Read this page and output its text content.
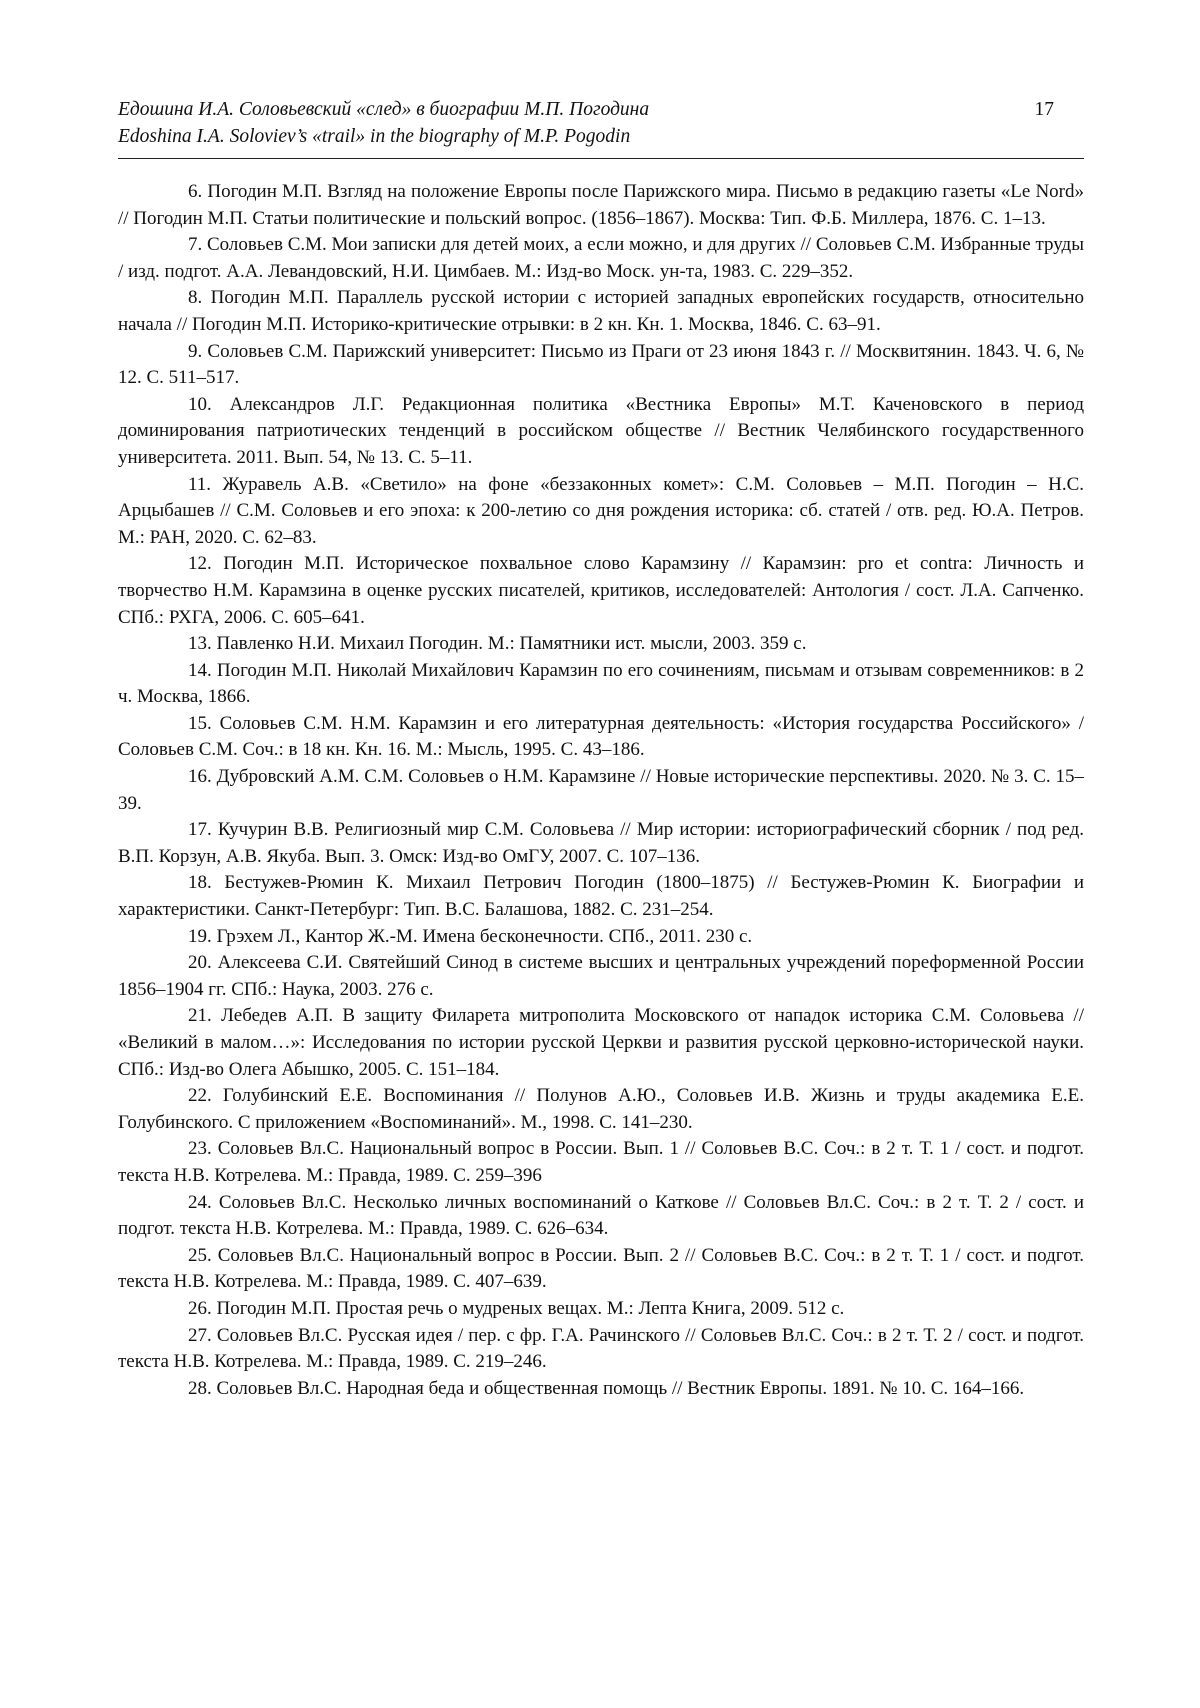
Едошина И.А. Соловьевский «след» в биографии М.П. Погодина
Edoshina I.A. Soloviev’s «trail» in the biography of M.P. Pogodin
17

6. Погодин М.П. Взгляд на положение Европы после Парижского мира. Письмо в редакцию газеты «Le Nord» // Погодин М.П. Статьи политические и польский вопрос. (1856–1867). Москва: Тип. Ф.Б. Миллера, 1876. С. 1–13.

7. Соловьев С.М. Мои записки для детей моих, а если можно, и для других // Соловьев С.М. Избранные труды / изд. подгот. А.А. Левандовский, Н.И. Цимбаев. М.: Изд-во Моск. ун-та, 1983. С. 229–352.

8. Погодин М.П. Параллель русской истории с историей западных европейских государств, относительно начала // Погодин М.П. Историко-критические отрывки: в 2 кн. Кн. 1. Москва, 1846. С. 63–91.

9. Соловьев С.М. Парижский университет: Письмо из Праги от 23 июня 1843 г. // Москвитянин. 1843. Ч. 6, № 12. С. 511–517.

10. Александров Л.Г. Редакционная политика «Вестника Европы» М.Т. Каченовского в период доминирования патриотических тенденций в российском обществе // Вестник Челябинского государственного университета. 2011. Вып. 54, № 13. С. 5–11.

11. Журавель А.В. «Светило» на фоне «беззаконных комет»: С.М. Соловьев – М.П. Погодин – Н.С. Арцыбашев // С.М. Соловьев и его эпоха: к 200-летию со дня рождения историка: сб. статей / отв. ред. Ю.А. Петров. М.: РАН, 2020. С. 62–83.

12. Погодин М.П. Историческое похвальное слово Карамзину // Карамзин: pro et contra: Личность и творчество Н.М. Карамзина в оценке русских писателей, критиков, исследователей: Антология / сост. Л.А. Сапченко. СПб.: РХГА, 2006. С. 605–641.

13. Павленко Н.И. Михаил Погодин. М.: Памятники ист. мысли, 2003. 359 с.

14. Погодин М.П. Николай Михайлович Карамзин по его сочинениям, письмам и отзывам современников: в 2 ч. Москва, 1866.

15. Соловьев С.М. Н.М. Карамзин и его литературная деятельность: «История государства Российского» / Соловьев С.М. Соч.: в 18 кн. Кн. 16. М.: Мысль, 1995. С. 43–186.

16. Дубровский А.М. С.М. Соловьев о Н.М. Карамзине // Новые исторические перспективы. 2020. № 3. С. 15–39.

17. Кучурин В.В. Религиозный мир С.М. Соловьева // Мир истории: историографический сборник / под ред. В.П. Корзун, А.В. Якуба. Вып. 3. Омск: Изд-во ОмГУ, 2007. С. 107–136.

18. Бестужев-Рюмин К. Михаил Петрович Погодин (1800–1875) // Бестужев-Рюмин К. Биографии и характеристики. Санкт-Петербург: Тип. В.С. Балашова, 1882. С. 231–254.

19. Грэхем Л., Кантор Ж.-М. Имена бесконечности. СПб., 2011. 230 с.

20. Алексеева С.И. Святейший Синод в системе высших и центральных учреждений пореформенной России 1856–1904 гг. СПб.: Наука, 2003. 276 с.

21. Лебедев А.П. В защиту Филарета митрополита Московского от нападок историка С.М. Соловьева // «Великий в малом…»: Исследования по истории русской Церкви и развития русской церковно-исторической науки. СПб.: Изд-во Олега Абышко, 2005. С. 151–184.

22. Голубинский Е.Е. Воспоминания // Полунов А.Ю., Соловьев И.В. Жизнь и труды академика Е.Е. Голубинского. С приложением «Воспоминаний». М., 1998. С. 141–230.

23. Соловьев Вл.С. Национальный вопрос в России. Вып. 1 // Соловьев В.С. Соч.: в 2 т. Т. 1 / сост. и подгот. текста Н.В. Котрелева. М.: Правда, 1989. С. 259–396

24. Соловьев Вл.С. Несколько личных воспоминаний о Каткове // Соловьев Вл.С. Соч.: в 2 т. Т. 2 / сост. и подгот. текста Н.В. Котрелева. М.: Правда, 1989. С. 626–634.

25. Соловьев Вл.С. Национальный вопрос в России. Вып. 2 // Соловьев В.С. Соч.: в 2 т. Т. 1 / сост. и подгот. текста Н.В. Котрелева. М.: Правда, 1989. С. 407–639.

26. Погодин М.П. Простая речь о мудреных вещах. М.: Лепта Книга, 2009. 512 с.

27. Соловьев Вл.С. Русская идея / пер. с фр. Г.А. Рачинского // Соловьев Вл.С. Соч.: в 2 т. Т. 2 / сост. и подгот. текста Н.В. Котрелева. М.: Правда, 1989. С. 219–246.

28. Соловьев Вл.С. Народная беда и общественная помощь // Вестник Европы. 1891. № 10. С. 164–166.
